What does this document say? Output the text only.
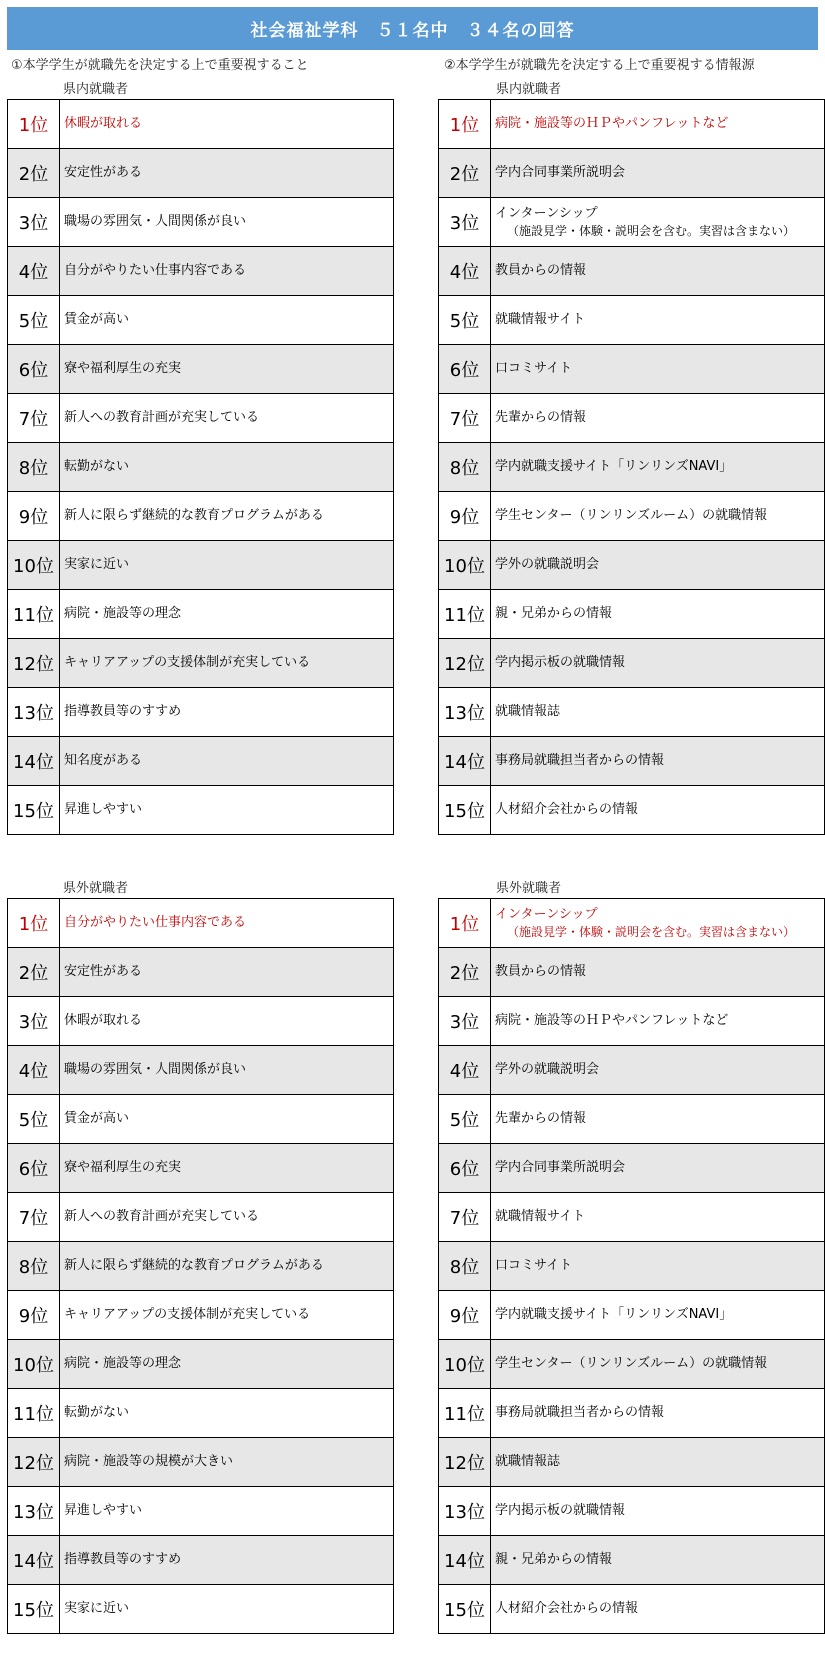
社会福祉学科　５１名中　３４名の回答
①本学学生が就職先を決定する上で重要視すること	②本学学生が就職先を決定する上で重要視する情報源
県内就職者	県内就職者
1位	休暇が取れる
2位	安定性がある
3位	職場の雰囲気・人間関係が良い
4位	自分がやりたい仕事内容である
5位	賃金が高い
6位	寮や福利厚生の充実
7位	新人への教育計画が充実している
8位	転勤がない
9位	新人に限らず継続的な教育プログラムがある
10位	実家に近い
11位	病院・施設等の理念
12位	キャリアアップの支援体制が充実している
13位	指導教員等のすすめ
14位	知名度がある
15位	昇進しやすい
1位	病院・施設等のＨＰやパンフレットなど
2位	学内合同事業所説明会
3位	インターンシップ
（施設見学・体験・説明会を含む。実習は含まない）

4位	教員からの情報
5位	就職情報サイト
6位	口コミサイト
7位	先輩からの情報
8位	学内就職支援サイト「リンリンズNAVI」
9位	学生センター（リンリンズルーム）の就職情報
10位	学外の就職説明会
11位	親・兄弟からの情報
12位	学内掲示板の就職情報
13位	就職情報誌
14位	事務局就職担当者からの情報
15位	人材紹介会社からの情報
県外就職者	県外就職者
1位	自分がやりたい仕事内容である
2位	安定性がある
3位	休暇が取れる
4位	職場の雰囲気・人間関係が良い
5位	賃金が高い
6位	寮や福利厚生の充実
7位	新人への教育計画が充実している
8位	新人に限らず継続的な教育プログラムがある
9位	キャリアアップの支援体制が充実している
10位	病院・施設等の理念
11位	転勤がない
12位	病院・施設等の規模が大きい
13位	昇進しやすい
14位	指導教員等のすすめ
15位	実家に近い
1位	インターンシップ
（施設見学・体験・説明会を含む。実習は含まない）

2位	教員からの情報
3位	病院・施設等のＨＰやパンフレットなど
4位	学外の就職説明会
5位	先輩からの情報
6位	学内合同事業所説明会
7位	就職情報サイト
8位	口コミサイト
9位	学内就職支援サイト「リンリンズNAVI」
10位	学生センター（リンリンズルーム）の就職情報
11位	事務局就職担当者からの情報
12位	就職情報誌
13位	学内掲示板の就職情報
14位	親・兄弟からの情報
15位	人材紹介会社からの情報
